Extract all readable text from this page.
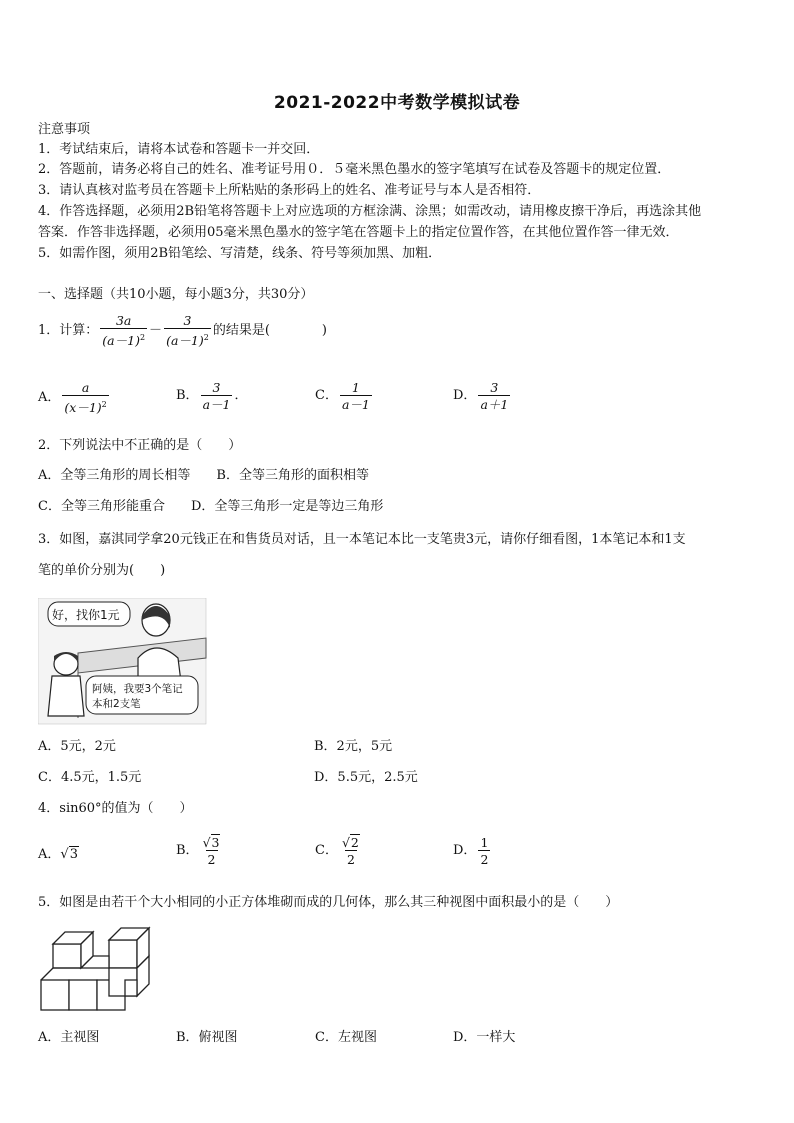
2021-2022中考数学模拟试卷
注意事项
1．考试结束后，请将本试卷和答题卡一并交回．
2．答题前，请务必将自己的姓名、准考证号用０．５毫米黑色墨水的签字笔填写在试卷及答题卡的规定位置．
3．请认真核对监考员在答题卡上所粘贴的条形码上的姓名、准考证号与本人是否相符．
4．作答选择题，必须用2B铅笔将答题卡上对应选项的方框涂满、涂黑；如需改动，请用橡皮擦干净后，再选涂其他
答案．作答非选择题，必须用05毫米黑色墨水的签字笔在答题卡上的指定位置作答，在其他位置作答一律无效．
5．如需作图，须用2B铅笔绘、写清楚，线条、符号等须加黑、加粗．
一、选择题（共10小题，每小题3分，共30分）
1．计算： $\frac{3a}{(a-1)^2} - \frac{3}{(a-1)^2}$ 的结果是(　　　　)
A． $\frac{a}{(x-1)^2}$	B． $\frac{3}{a-1}$ ．	C． $\frac{1}{a-1}$	D． $\frac{3}{a+1}$
2．下列说法中不正确的是（　　）
A．全等三角形的周长相等　　B．全等三角形的面积相等
C．全等三角形能重合　　D．全等三角形一定是等边三角形
3．如图，嘉淇同学拿20元钱正在和售货员对话，且一本笔记本比一支笔贵3元，请你仔细看图，1本笔记本和1支
笔的单价分别为(　　)
好，找你1元
阿姨，我要3个笔记
本和2支笔
A．5元，2元	B．2元，5元
C．4.5元，1.5元	D．5.5元，2.5元
4．sin60°的值为（　　）
A． √3	B． $\frac{√3}{2}$	C． $\frac{√2}{2}$	D． $\frac{1}{2}$
5．如图是由若干个大小相同的小正方体堆砌而成的几何体，那么其三种视图中面积最小的是（　　）
A．主视图	B．俯视图	C．左视图	D．一样大
